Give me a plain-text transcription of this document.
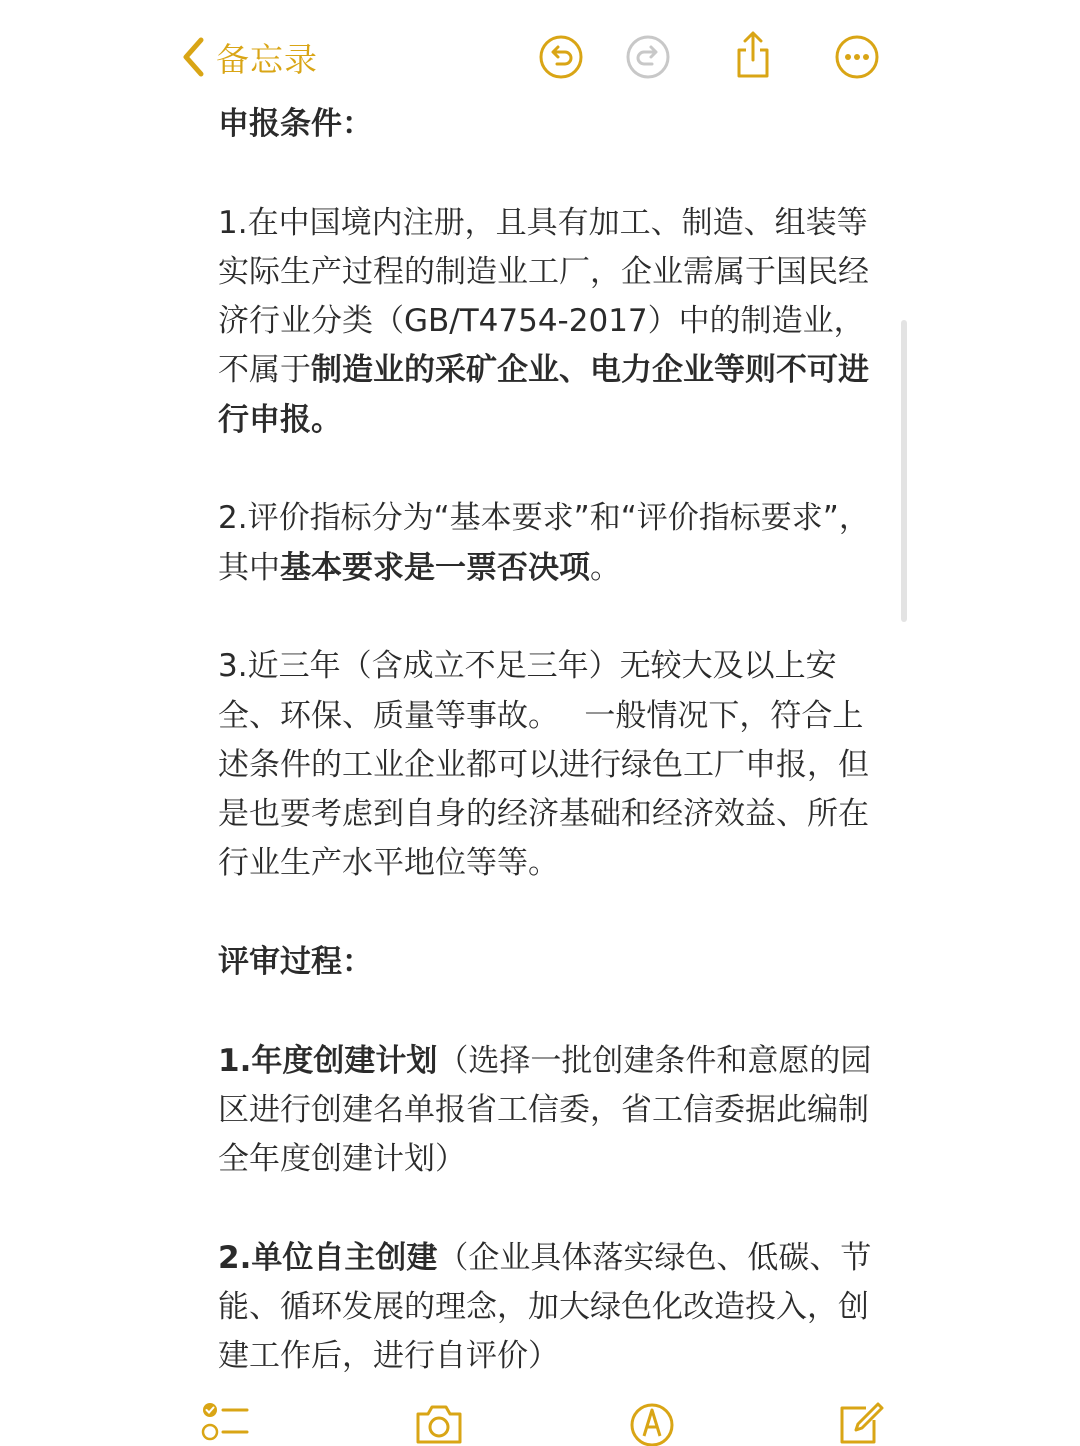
备忘录

申报条件：

1.在中国境内注册，且具有加工、制造、组装等实际生产过程的制造业工厂，企业需属于国民经济行业分类（GB/T4754-2017）中的制造业，不属于制造业的采矿企业、电力企业等则不可进行申报。

2.评价指标分为“基本要求”和“评价指标要求”，其中基本要求是一票否决项。

3.近三年（含成立不足三年）无较大及以上安全、环保、质量等事故。　 一般情况下，符合上述条件的工业企业都可以进行绿色工厂申报，但是也要考虑到自身的经济基础和经济效益、所在行业生产水平地位等等。

评审过程：

1.年度创建计划（选择一批创建条件和意愿的园区进行创建名单报省工信委，省工信委据此编制全年度创建计划）

2.单位自主创建（企业具体落实绿色、低碳、节能、循环发展的理念，加大绿色化改造投入，创建工作后，进行自评价）
